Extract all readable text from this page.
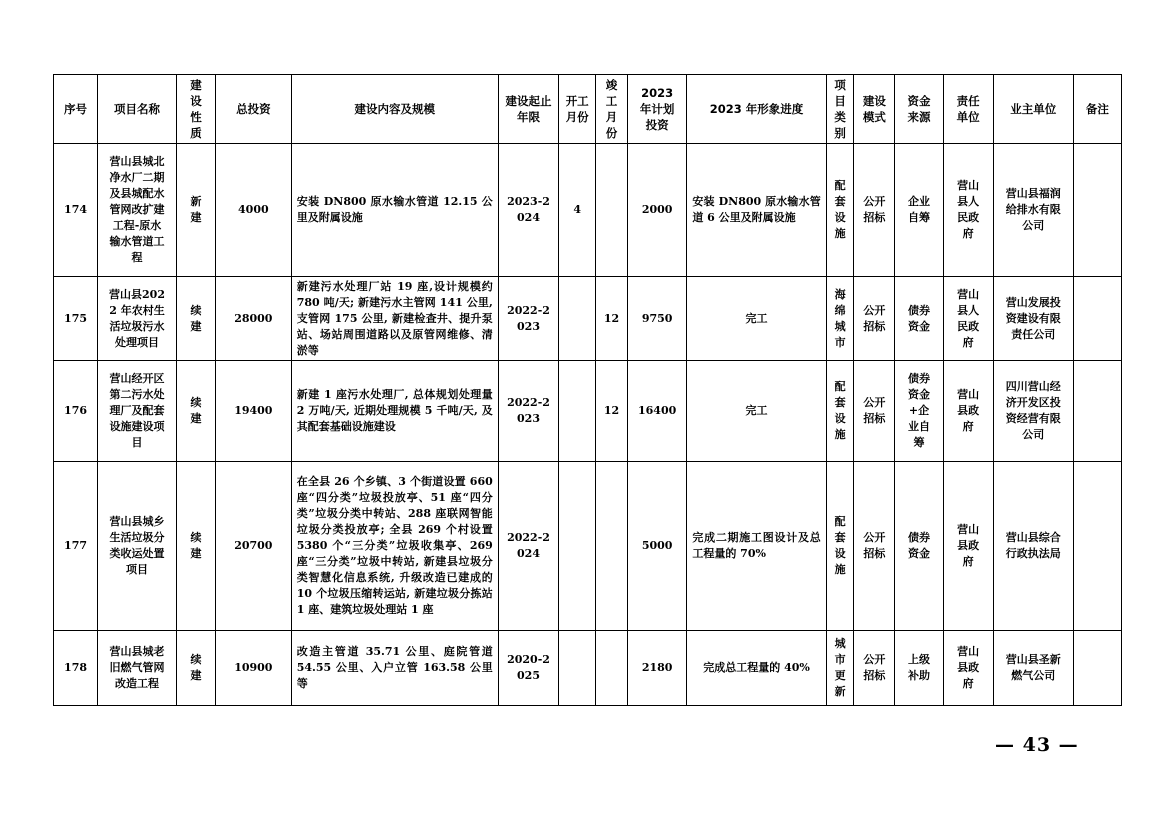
序号	项目名称	建设性质	总投资	建设内容及规模	建设起止年限	开工月份	竣工月份	2023年计划投资	2023 年形象进度	项目类别	建设模式	资金来源	责任单位	业主单位	备注
174	营山县城北净水厂二期及县城配水管网改扩建工程-原水输水管道工程	新建	4000	安装 DN800 原水输水管道 12.15 公里及附属设施	2023-2024	4		2000	安装 DN800 原水输水管道 6 公里及附属设施	配套设施	公开招标	企业自筹	营山县人民政府	营山县福润给排水有限公司	

175	营山县2022 年农村生活垃圾污水处理项目	续建	28000	新建污水处理厂站 19 座,设计规模约 780 吨/天; 新建污水主管网 141 公里, 支管网 175 公里, 新建检查井、提升泵站、场站周围道路以及原管网维修、清淤等	2022-2023		12	9750	完工	海绵城市	公开招标	债券资金	营山县人民政府	营山发展投资建设有限责任公司	

176	营山经开区第二污水处理厂及配套设施建设项目	续建	19400	新建 1 座污水处理厂, 总体规划处理量 2 万吨/天, 近期处理规模 5 千吨/天, 及其配套基础设施建设	2022-2023		12	16400	完工	配套设施	公开招标	债券资金+企业自筹	营山县政府	四川营山经济开发区投资经营有限公司	

177	营山县城乡生活垃圾分类收运处置项目	续建	20700	在全县 26 个乡镇、3 个街道设置 660 座“四分类”垃圾投放亭、51 座“四分类”垃圾分类中转站、288 座联网智能垃圾分类投放亭; 全县 269 个村设置 5380 个“三分类”垃圾收集亭、269 座“三分类”垃圾中转站, 新建县垃圾分类智慧化信息系统, 升级改造已建成的 10 个垃圾压缩转运站, 新建垃圾分拣站 1 座、建筑垃圾处理站 1 座	2022-2024			5000	完成二期施工图设计及总工程量的 70%	配套设施	公开招标	债券资金	营山县政府	营山县综合行政执法局	

178	营山县城老旧燃气管网改造工程	续建	10900	改造主管道 35.71 公里、庭院管道 54.55 公里、入户立管 163.58 公里等	2020-2025			2180	完成总工程量的 40%	城市更新	公开招标	上级补助	营山县政府	营山县圣新燃气公司	

— 43 —
